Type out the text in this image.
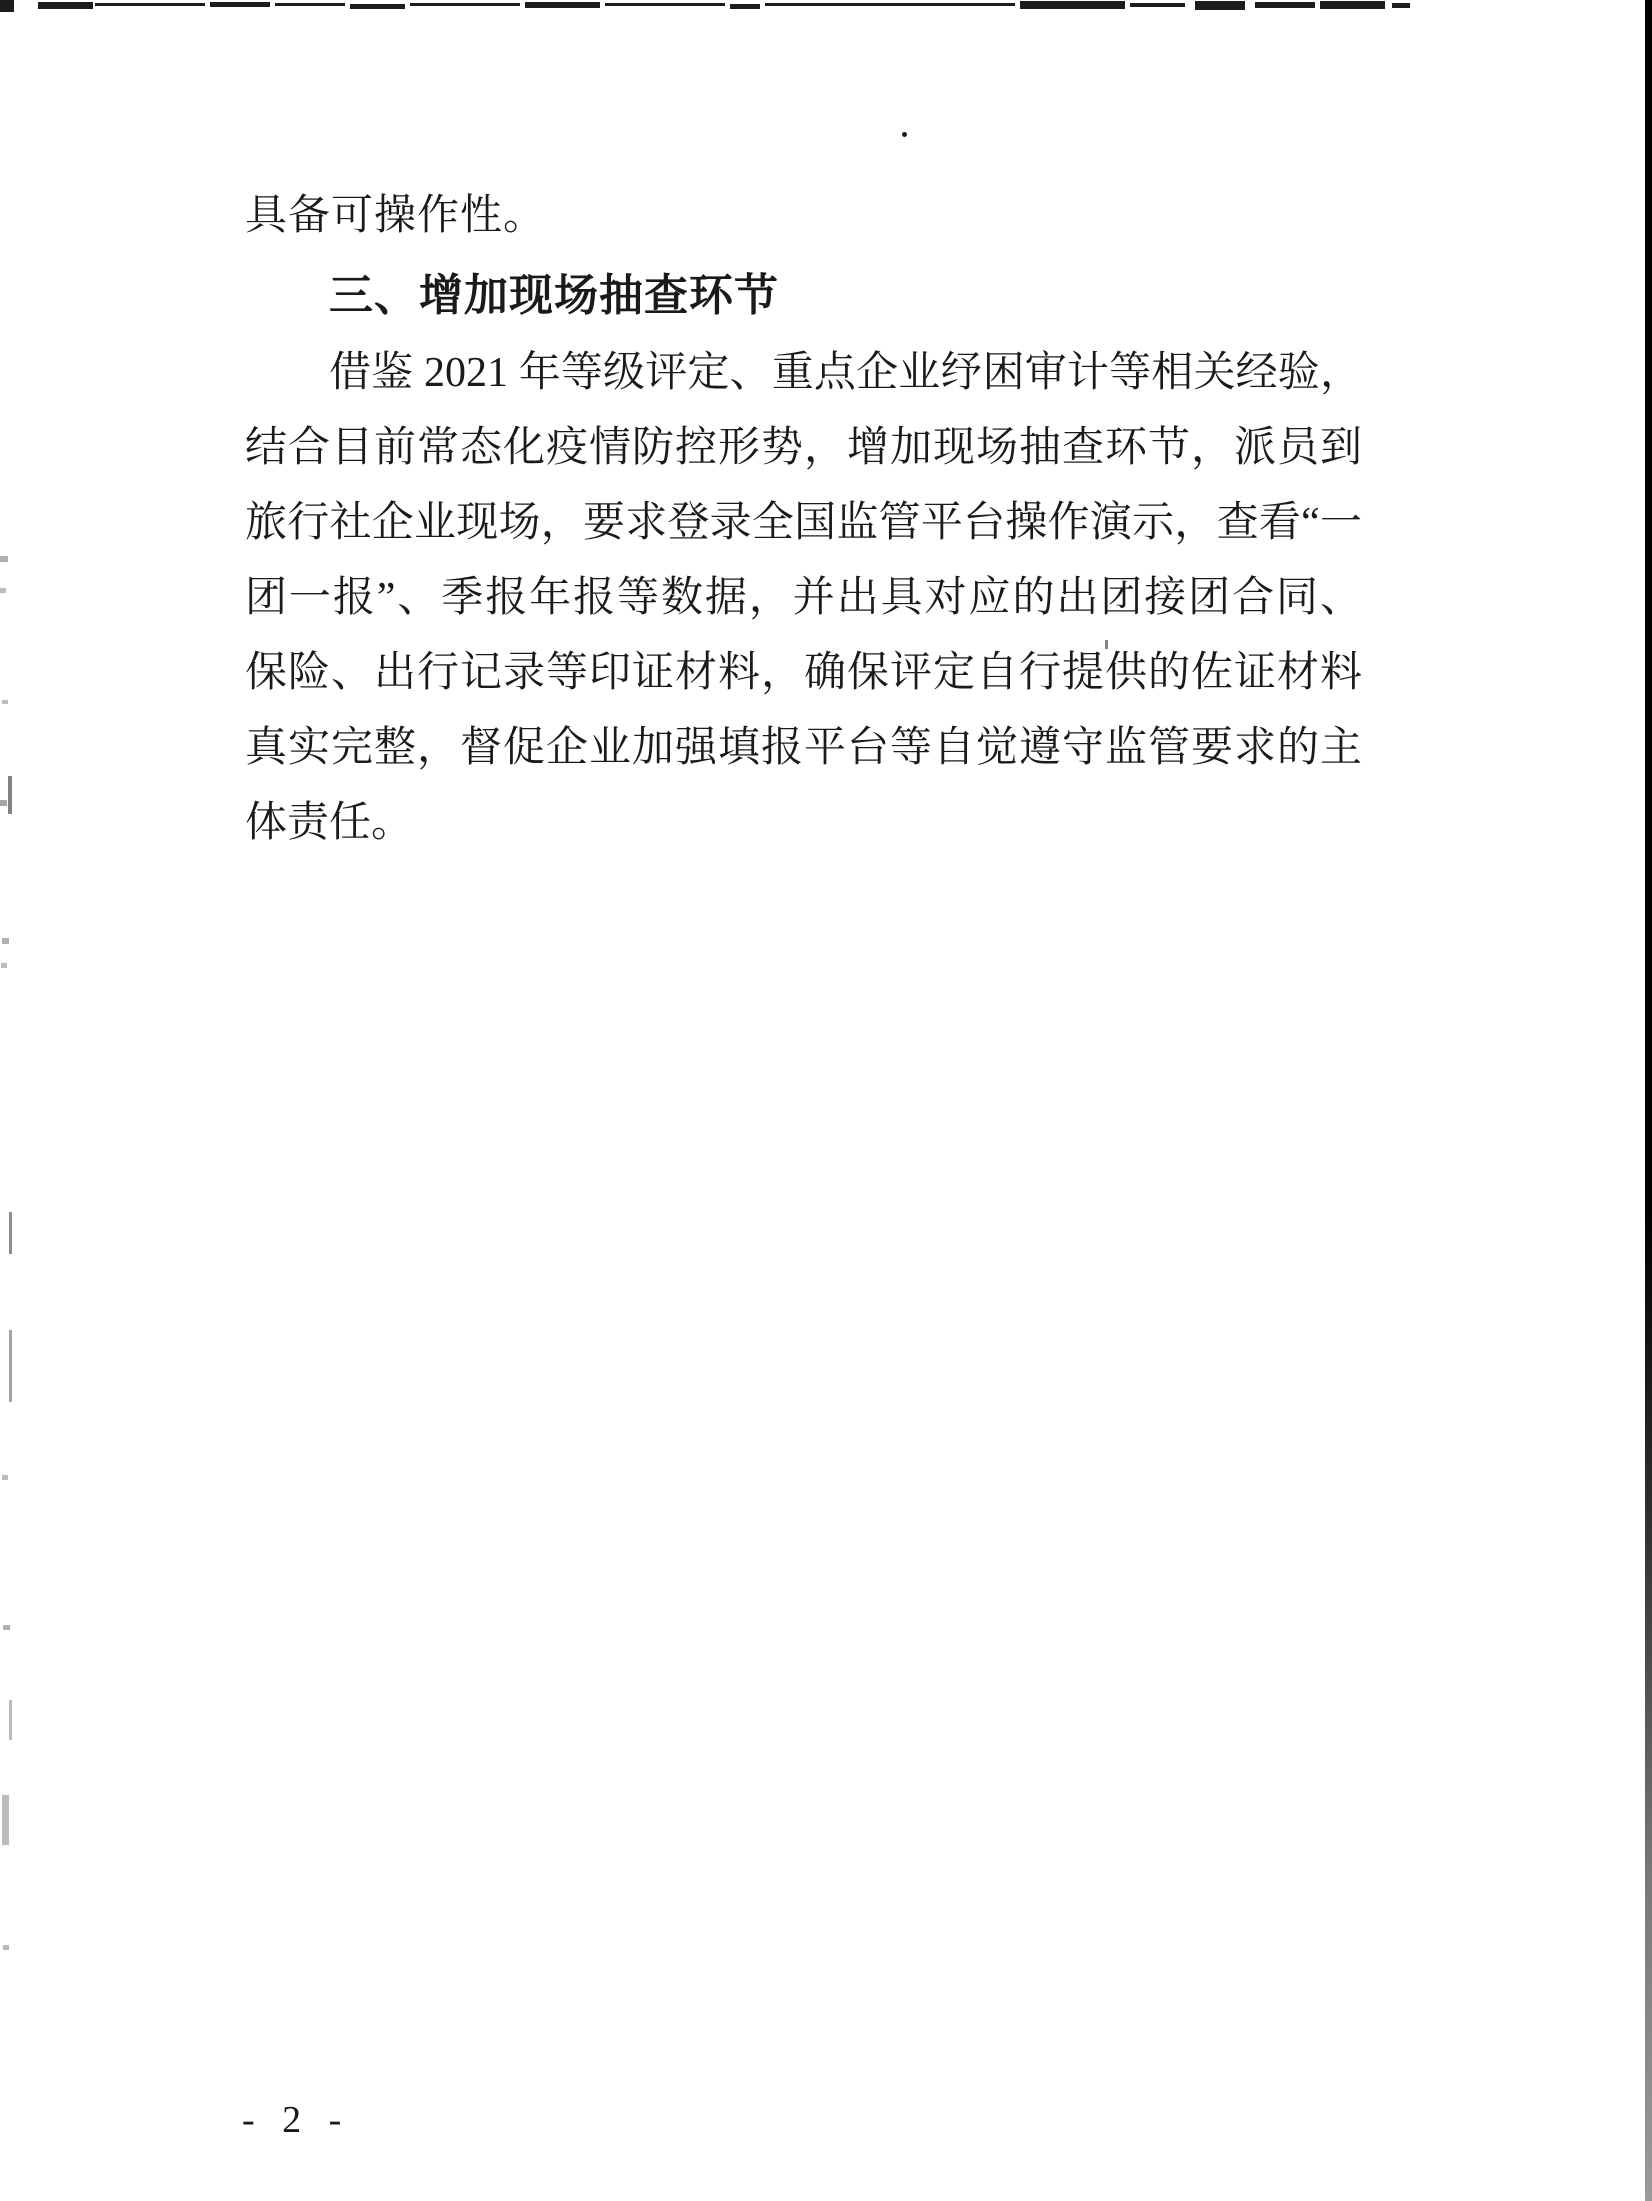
具备可操作性。
三、增加现场抽查环节
借鉴 2021 年等级评定、重点企业纾困审计等相关经验，
结合目前常态化疫情防控形势，增加现场抽查环节，派员到
旅行社企业现场，要求登录全国监管平台操作演示，查看“一
团一报”、季报年报等数据，并出具对应的出团接团合同、
保险、出行记录等印证材料，确保评定自行提供的佐证材料
真实完整，督促企业加强填报平台等自觉遵守监管要求的主
体责任。
- 2 -
